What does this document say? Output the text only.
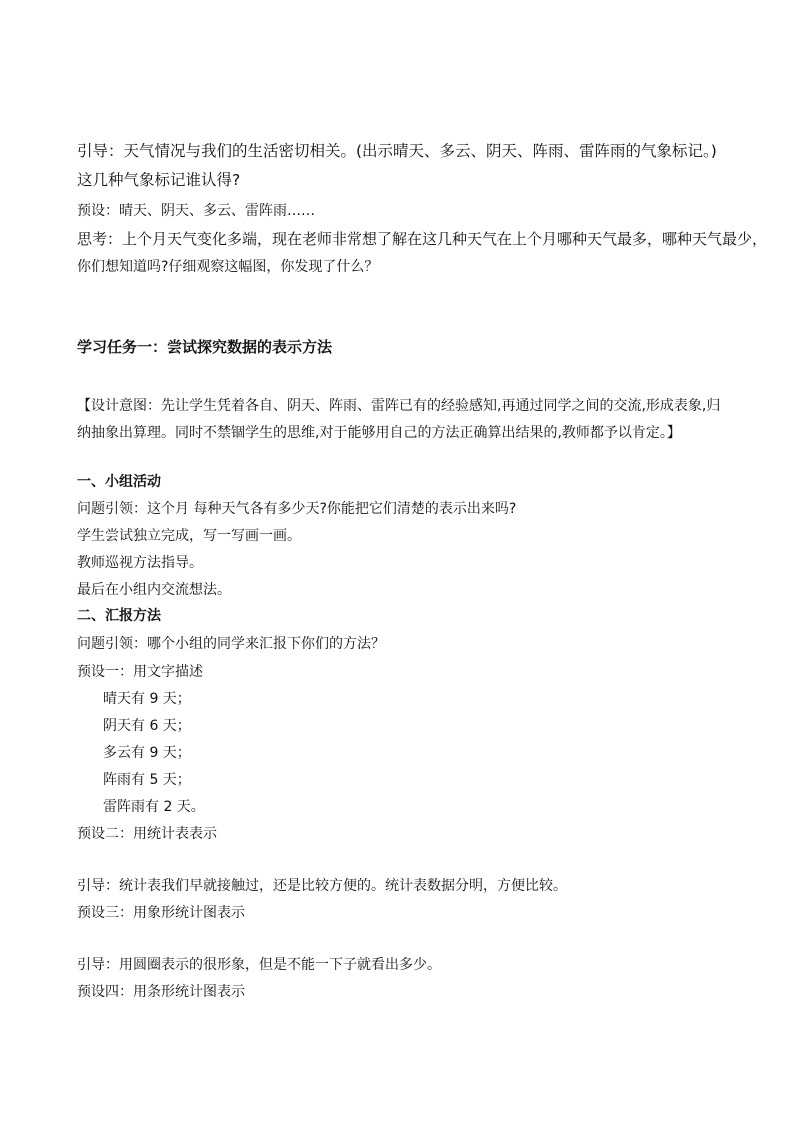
引导：天气情况与我们的生活密切相关。(出示晴天、多云、阴天、阵雨、雷阵雨的气象标记。)

这几种气象标记谁认得?

预设：晴天、阴天、多云、雷阵雨……

思考：上个月天气变化多端，现在老师非常想了解在这几种天气在上个月哪种天气最多，哪种天气最少，

你们想知道吗?仔细观察这幅图，你发现了什么？

学习任务一：尝试探究数据的表示方法

【设计意图：先让学生凭着各自、阴天、阵雨、雷阵已有的经验感知,再通过同学之间的交流,形成表象,归

纳抽象出算理。同时不禁锢学生的思维,对于能够用自己的方法正确算出结果的,教师都予以肯定。】

一、小组活动

问题引领：这个月 每种天气各有多少天?你能把它们清楚的表示出来吗?

学生尝试独立完成，写一写画一画。

教师巡视方法指导。

最后在小组内交流想法。

二、汇报方法

问题引领：哪个小组的同学来汇报下你们的方法？

预设一：用文字描述

晴天有 9 天；

阴天有 6 天；

多云有 9 天；

阵雨有 5 天；

雷阵雨有 2 天。

预设二：用统计表表示

引导：统计表我们早就接触过，还是比较方便的。统计表数据分明，方便比较。

预设三：用象形统计图表示

引导：用圆圈表示的很形象，但是不能一下子就看出多少。

预设四：用条形统计图表示
